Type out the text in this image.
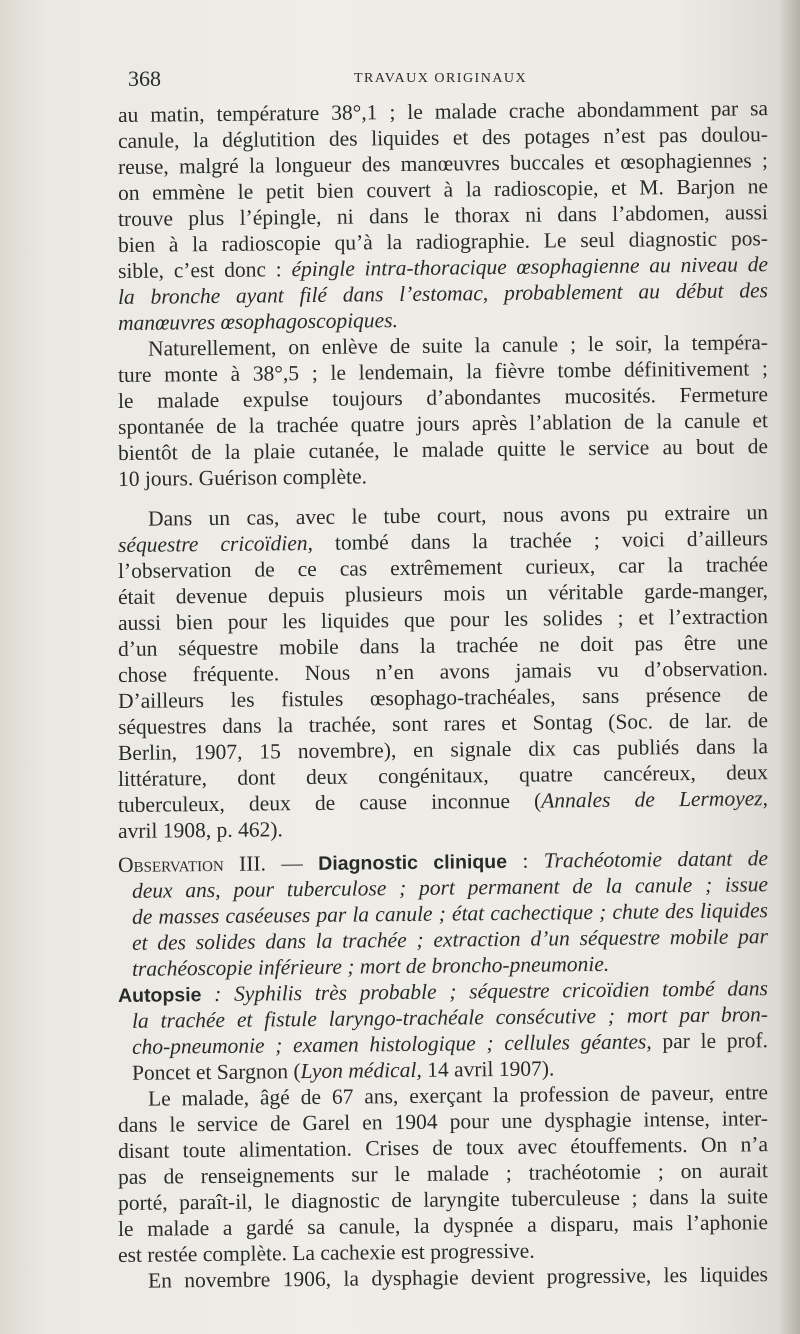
368	TRAVAUX ORIGINAUX
au matin, température 38°,1 ; le malade crache abondamment par sa
canule, la déglutition des liquides et des potages n’est pas doulou-
reuse, malgré la longueur des manœuvres buccales et œsophagiennes ;
on emmène le petit bien couvert à la radioscopie, et M. Barjon ne
trouve plus l’épingle, ni dans le thorax ni dans l’abdomen, aussi
bien à la radioscopie qu’à la radiographie. Le seul diagnostic pos-
sible, c’est donc : épingle intra-thoracique œsophagienne au niveau de
la bronche ayant filé dans l’estomac, probablement au début des
manœuvres œsophagoscopiques.
Naturellement, on enlève de suite la canule ; le soir, la tempéra-
ture monte à 38°,5 ; le lendemain, la fièvre tombe définitivement ;
le malade expulse toujours d’abondantes mucosités. Fermeture
spontanée de la trachée quatre jours après l’ablation de la canule et
bientôt de la plaie cutanée, le malade quitte le service au bout de
10 jours. Guérison complète.
Dans un cas, avec le tube court, nous avons pu extraire un
séquestre cricoïdien, tombé dans la trachée ; voici d’ailleurs
l’observation de ce cas extrêmement curieux, car la trachée
était devenue depuis plusieurs mois un véritable garde-manger,
aussi bien pour les liquides que pour les solides ; et l’extraction
d’un séquestre mobile dans la trachée ne doit pas être une
chose fréquente. Nous n’en avons jamais vu d’observation.
D’ailleurs les fistules œsophago-trachéales, sans présence de
séquestres dans la trachée, sont rares et Sontag (Soc. de lar. de
Berlin, 1907, 15 novembre), en signale dix cas publiés dans la
littérature, dont deux congénitaux, quatre cancéreux, deux
tuberculeux, deux de cause inconnue (Annales de Lermoyez,
avril 1908, p. 462).
Observation III. — Diagnostic clinique : Trachéotomie datant de
deux ans, pour tuberculose ; port permanent de la canule ; issue
de masses caséeuses par la canule ; état cachectique ; chute des liquides
et des solides dans la trachée ; extraction d’un séquestre mobile par
trachéoscopie inférieure ; mort de broncho-pneumonie.
Autopsie : Syphilis très probable ; séquestre cricoïdien tombé dans
la trachée et fistule laryngo-trachéale consécutive ; mort par bron-
cho-pneumonie ; examen histologique ; cellules géantes, par le prof.
Poncet et Sargnon (Lyon médical, 14 avril 1907).
Le malade, âgé de 67 ans, exerçant la profession de paveur, entre
dans le service de Garel en 1904 pour une dysphagie intense, inter-
disant toute alimentation. Crises de toux avec étouffements. On n’a
pas de renseignements sur le malade ; trachéotomie ; on aurait
porté, paraît-il, le diagnostic de laryngite tuberculeuse ; dans la suite
le malade a gardé sa canule, la dyspnée a disparu, mais l’aphonie
est restée complète. La cachexie est progressive.
En novembre 1906, la dysphagie devient progressive, les liquides
